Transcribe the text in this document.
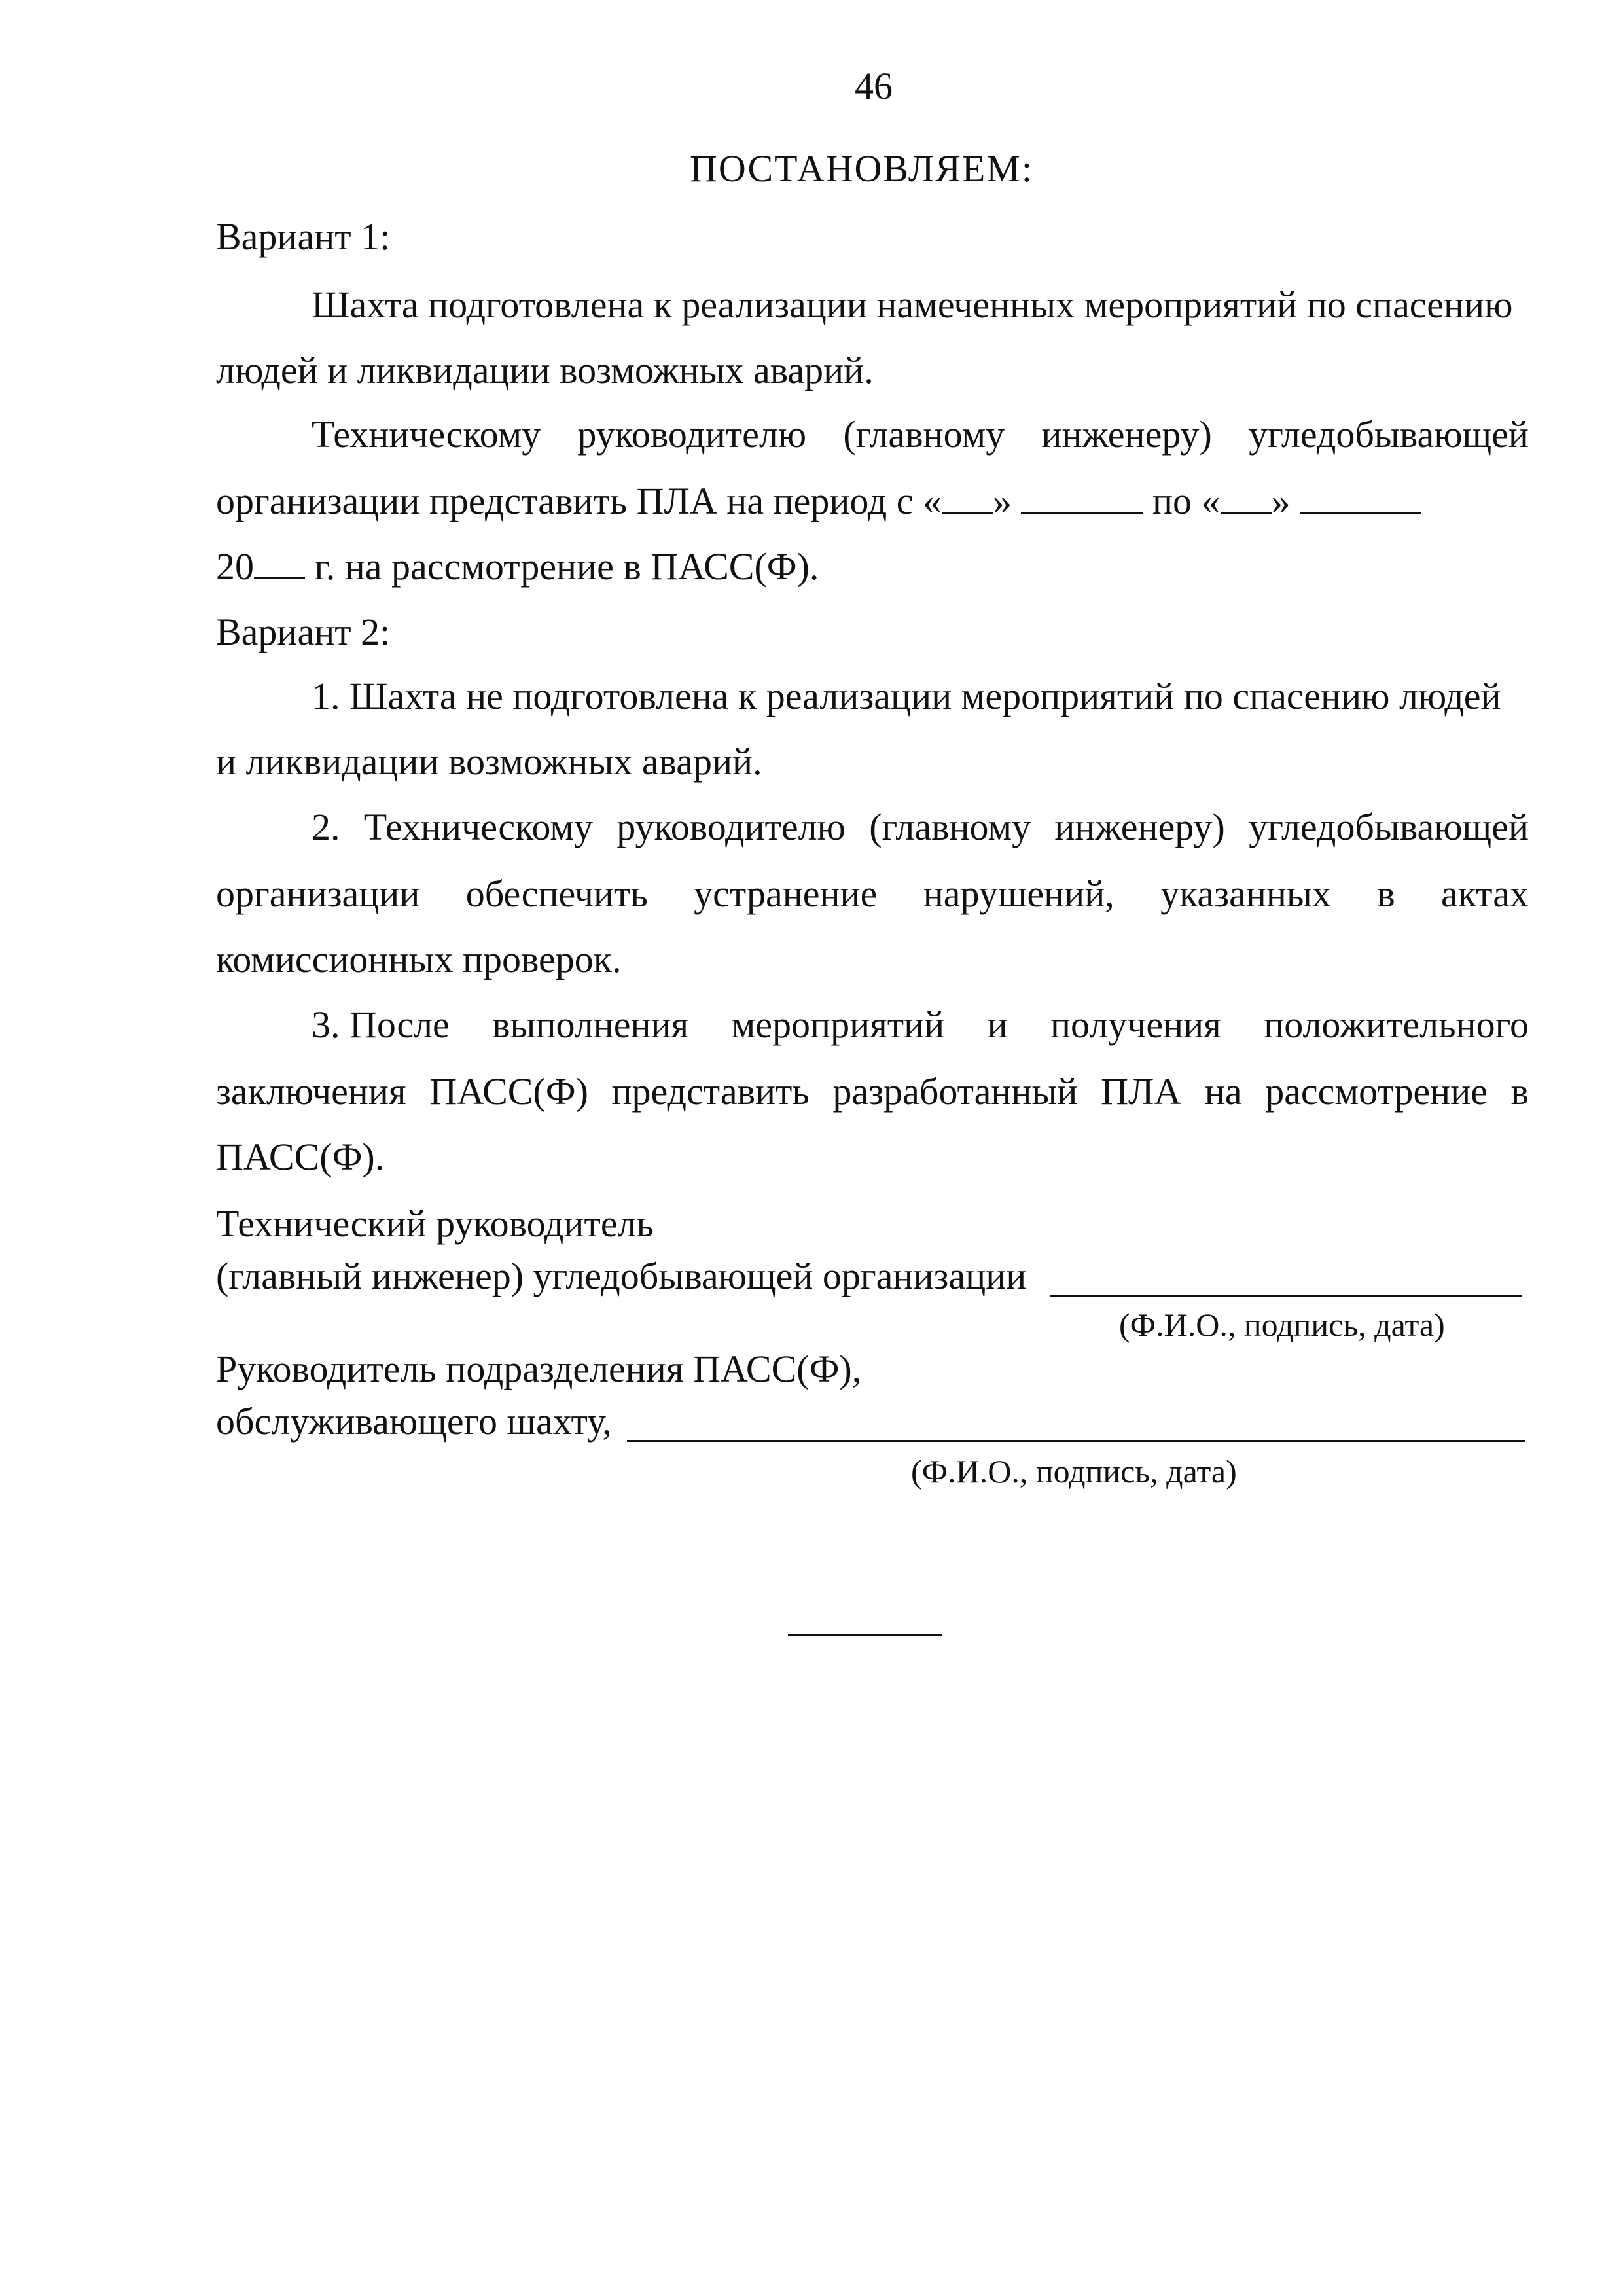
46
ПОСТАНОВЛЯЕМ:
Вариант 1:
Шахта подготовлена к реализации намеченных мероприятий по спасению
людей и ликвидации возможных аварий.
Техническому руководителю (главному инженеру) угледобывающей
организации представить ПЛА на период с « »	по « »
20 г. на рассмотрение в ПАСС(Ф).
Вариант 2:
1. Шахта не подготовлена к реализации мероприятий по спасению людей
и ликвидации возможных аварий.
2. Техническому руководителю (главному инженеру) угледобывающей
организации обеспечить устранение нарушений, указанных в актах
комиссионных проверок.
3. После выполнения мероприятий и получения положительного
заключения ПАСС(Ф) представить разработанный ПЛА на рассмотрение в
ПАСС(Ф).
Технический руководитель
(главный инженер) угледобывающей организации
(Ф.И.О., подпись, дата)
Руководитель подразделения ПАСС(Ф),
обслуживающего шахту,
(Ф.И.О., подпись, дата)
